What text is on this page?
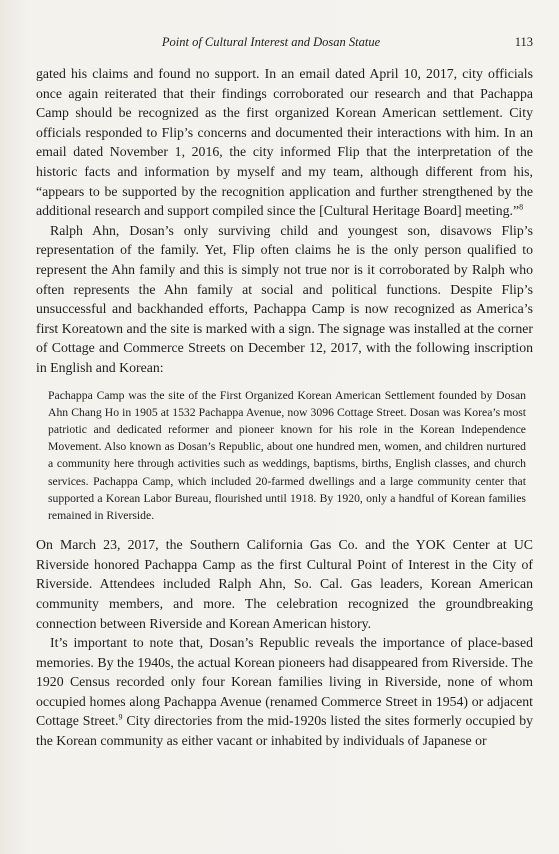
Point of Cultural Interest and Dosan Statue	113

gated his claims and found no support. In an email dated April 10, 2017, city officials once again reiterated that their findings corroborated our research and that Pachappa Camp should be recognized as the first organized Korean American settlement. City officials responded to Flip’s concerns and documented their interactions with him. In an email dated November 1, 2016, the city informed Flip that the interpretation of the historic facts and information by myself and my team, although different from his, “appears to be supported by the recognition application and further strengthened by the additional research and support compiled since the [Cultural Heritage Board] meeting.”$^8$

Ralph Ahn, Dosan’s only surviving child and youngest son, disavows Flip’s representation of the family. Yet, Flip often claims he is the only person qualified to represent the Ahn family and this is simply not true nor is it corroborated by Ralph who often represents the Ahn family at social and political functions. Despite Flip’s unsuccessful and backhanded efforts, Pachappa Camp is now recognized as America’s first Koreatown and the site is marked with a sign. The signage was installed at the corner of Cottage and Commerce Streets on December 12, 2017, with the following inscription in English and Korean:

Pachappa Camp was the site of the First Organized Korean American Settlement founded by Dosan Ahn Chang Ho in 1905 at 1532 Pachappa Avenue, now 3096 Cottage Street. Dosan was Korea’s most patriotic and dedicated reformer and pioneer known for his role in the Korean Independence Movement. Also known as Dosan’s Republic, about one hundred men, women, and children nurtured a community here through activities such as weddings, baptisms, births, English classes, and church services. Pachappa Camp, which included 20-farmed dwellings and a large community center that supported a Korean Labor Bureau, flourished until 1918. By 1920, only a handful of Korean families remained in Riverside.

On March 23, 2017, the Southern California Gas Co. and the YOK Center at UC Riverside honored Pachappa Camp as the first Cultural Point of Interest in the City of Riverside. Attendees included Ralph Ahn, So. Cal. Gas leaders, Korean American community members, and more. The celebration recognized the groundbreaking connection between Riverside and Korean American history.

It’s important to note that, Dosan’s Republic reveals the importance of place-based memories. By the 1940s, the actual Korean pioneers had disappeared from Riverside. The 1920 Census recorded only four Korean families living in Riverside, none of whom occupied homes along Pachappa Avenue (renamed Commerce Street in 1954) or adjacent Cottage Street.$^9$ City directories from the mid-1920s listed the sites formerly occupied by the Korean community as either vacant or inhabited by individuals of Japanese or
